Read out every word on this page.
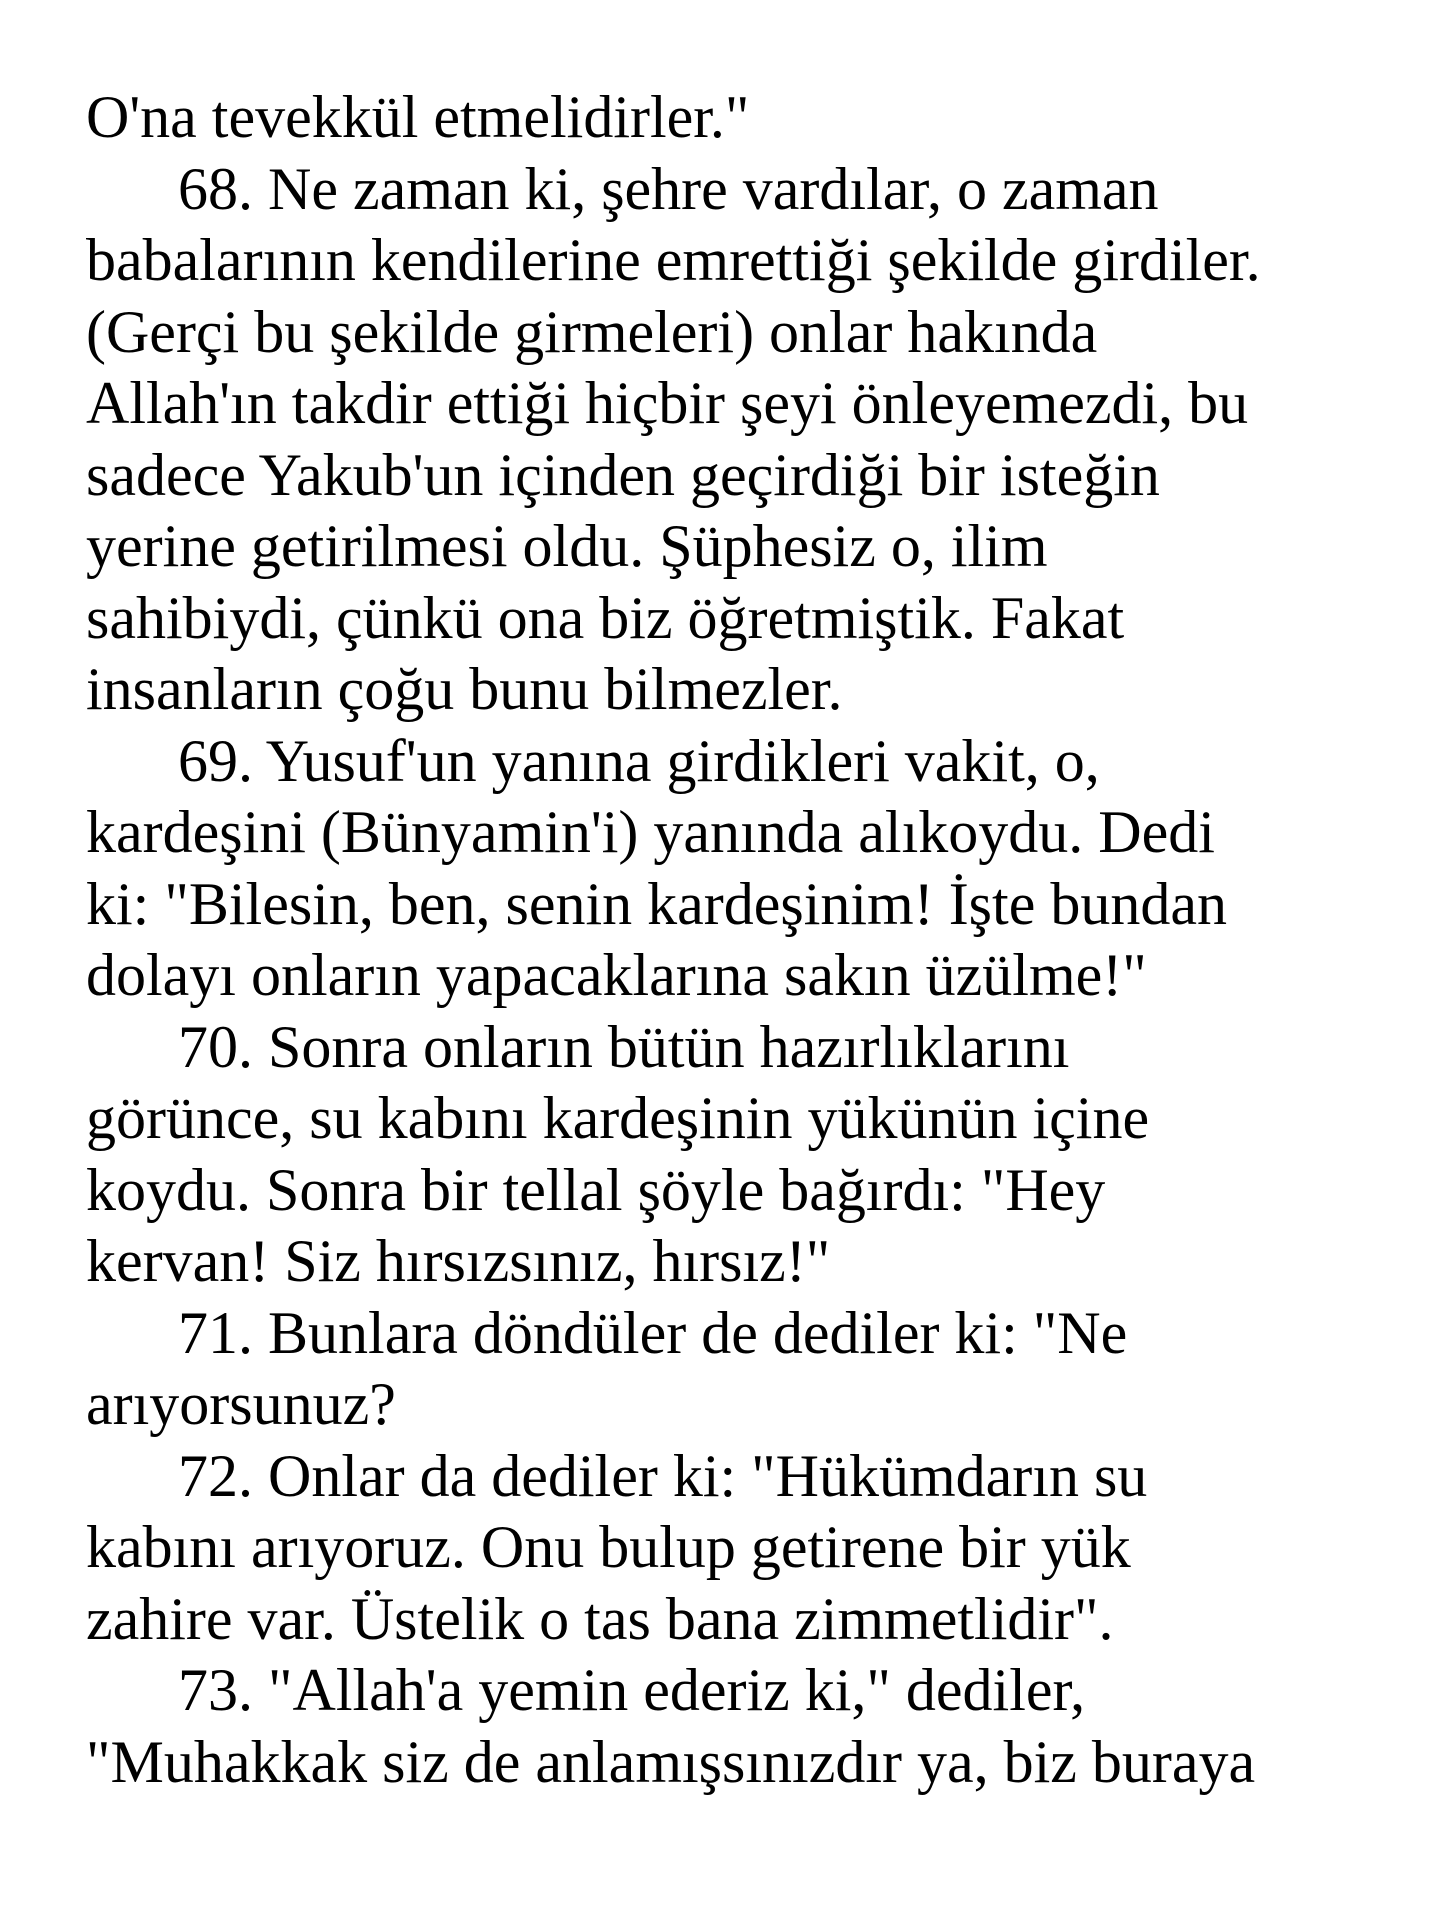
O'na tevekkül etmelidirler."
68. Ne zaman ki, şehre vardılar, o zaman
babalarının kendilerine emrettiği şekilde girdiler.
(Gerçi bu şekilde girmeleri) onlar hakında
Allah'ın takdir ettiği hiçbir şeyi önleyemezdi, bu
sadece Yakub'un içinden geçirdiği bir isteğin
yerine getirilmesi oldu. Şüphesiz o, ilim
sahibiydi, çünkü ona biz öğretmiştik. Fakat
insanların çoğu bunu bilmezler.
69. Yusuf'un yanına girdikleri vakit, o,
kardeşini (Bünyamin'i) yanında alıkoydu. Dedi
ki: "Bilesin, ben, senin kardeşinim! İşte bundan
dolayı onların yapacaklarına sakın üzülme!"
70. Sonra onların bütün hazırlıklarını
görünce, su kabını kardeşinin yükünün içine
koydu. Sonra bir tellal şöyle bağırdı: "Hey
kervan! Siz hırsızsınız, hırsız!"
71. Bunlara döndüler de dediler ki: "Ne
arıyorsunuz?
72. Onlar da dediler ki: "Hükümdarın su
kabını arıyoruz. Onu bulup getirene bir yük
zahire var. Üstelik o tas bana zimmetlidir".
73. "Allah'a yemin ederiz ki," dediler,
"Muhakkak siz de anlamışsınızdır ya, biz buraya
